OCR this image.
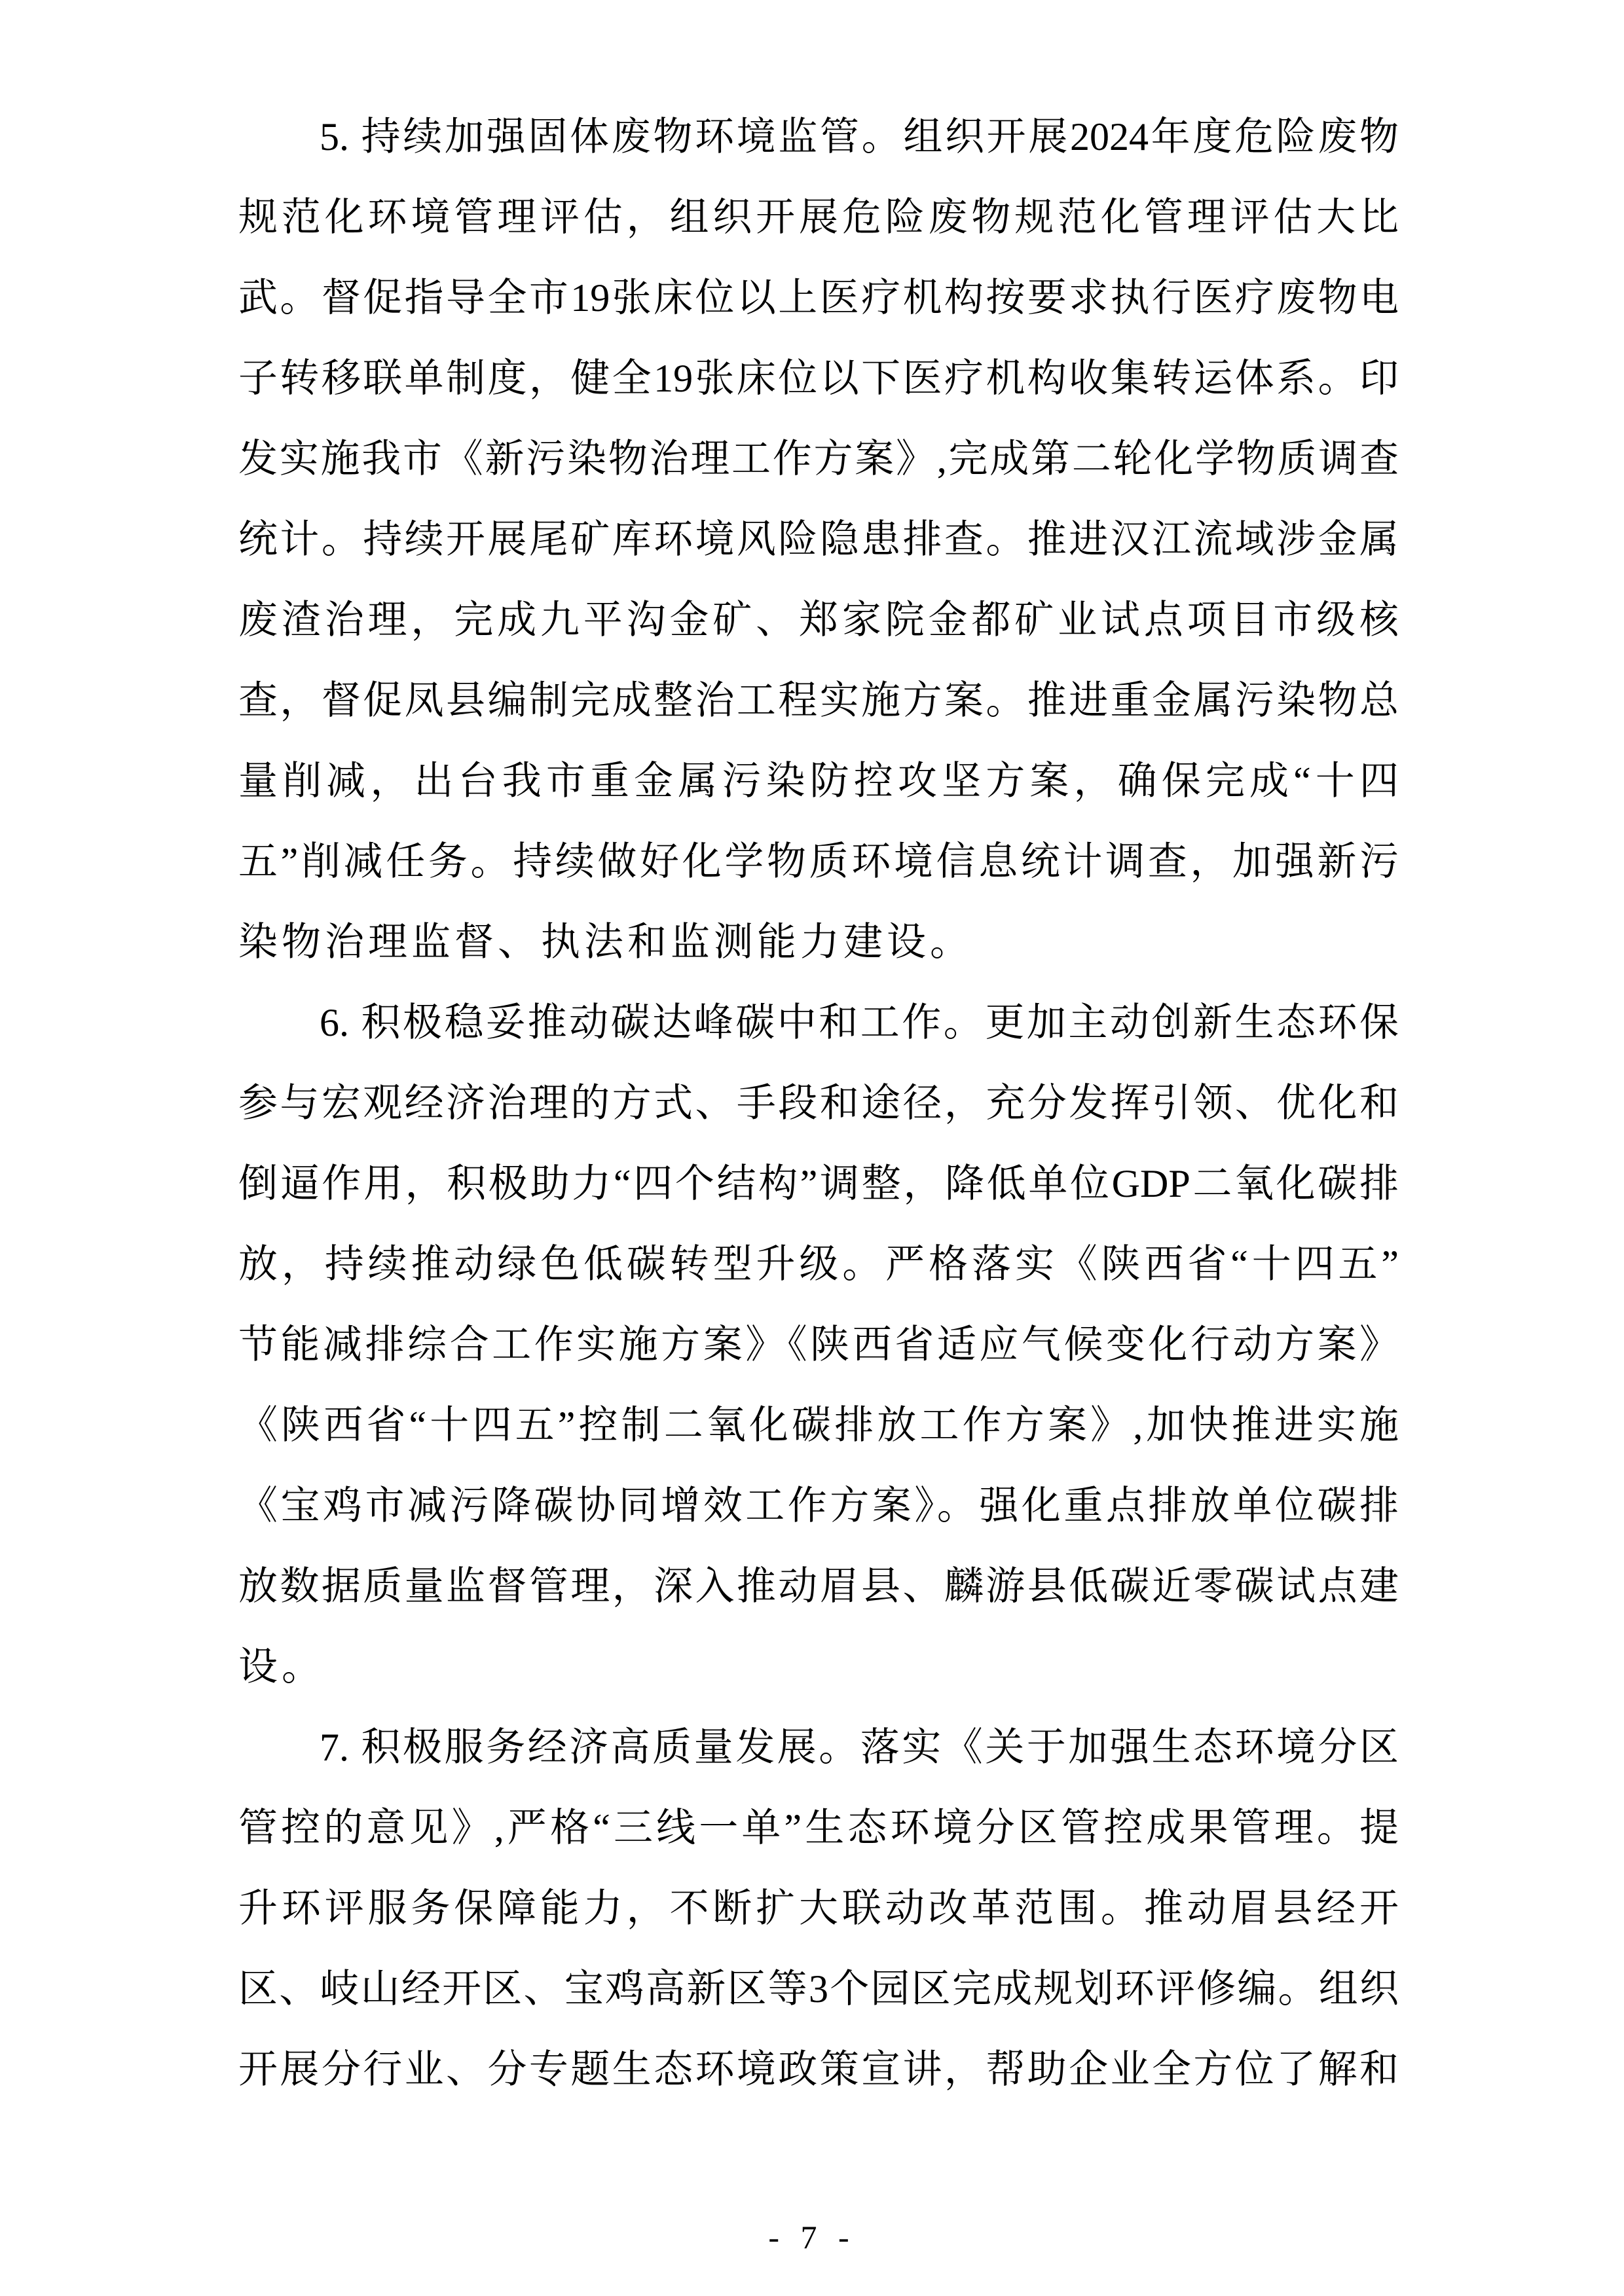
5. 持续加强固体废物环境监管。组织开展2024年度危险废物

规范化环境管理评估，组织开展危险废物规范化管理评估大比

武。督促指导全市19张床位以上医疗机构按要求执行医疗废物电

子转移联单制度，健全19张床位以下医疗机构收集转运体系。印

发实施我市《新污染物治理工作方案》,完成第二轮化学物质调查

统计。持续开展尾矿库环境风险隐患排查。推进汉江流域涉金属

废渣治理，完成九平沟金矿、郑家院金都矿业试点项目市级核

查，督促凤县编制完成整治工程实施方案。推进重金属污染物总

量削减，出台我市重金属污染防控攻坚方案，确保完成“十四

五”削减任务。持续做好化学物质环境信息统计调查，加强新污

染物治理监督、执法和监测能力建设。

6. 积极稳妥推动碳达峰碳中和工作。更加主动创新生态环保

参与宏观经济治理的方式、手段和途径，充分发挥引领、优化和

倒逼作用，积极助力“四个结构”调整，降低单位GDP二氧化碳排

放，持续推动绿色低碳转型升级。严格落实《陕西省“十四五”

节能减排综合工作实施方案》《陕西省适应气候变化行动方案》

《陕西省“十四五”控制二氧化碳排放工作方案》,加快推进实施

《宝鸡市减污降碳协同增效工作方案》。强化重点排放单位碳排

放数据质量监督管理，深入推动眉县、麟游县低碳近零碳试点建

设。

7. 积极服务经济高质量发展。落实《关于加强生态环境分区

管控的意见》,严格“三线一单”生态环境分区管控成果管理。提

升环评服务保障能力，不断扩大联动改革范围。推动眉县经开

区、岐山经开区、宝鸡高新区等3个园区完成规划环评修编。组织

开展分行业、分专题生态环境政策宣讲，帮助企业全方位了解和

- 7 -
